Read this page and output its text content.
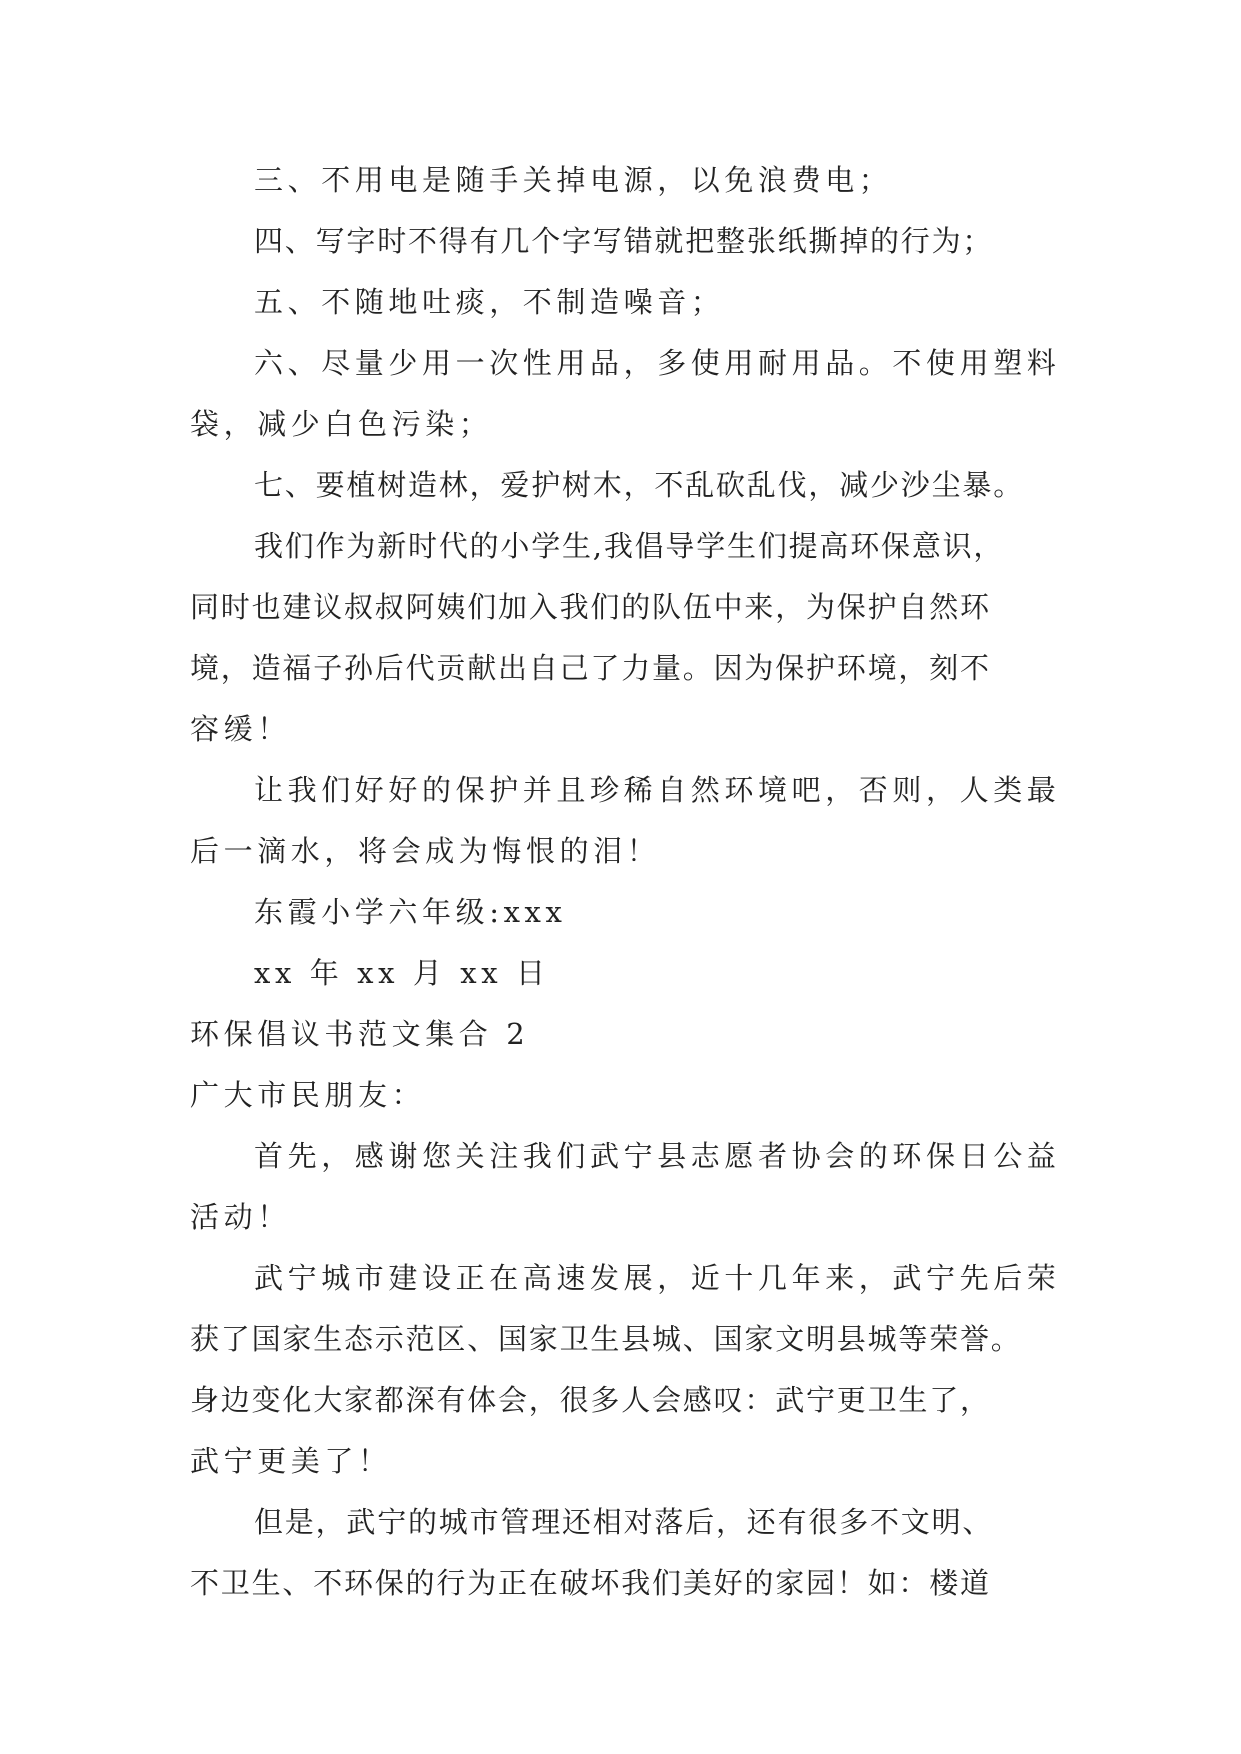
三、不用电是随手关掉电源，以免浪费电；
四、写字时不得有几个字写错就把整张纸撕掉的行为；
五、不随地吐痰，不制造噪音；
六、尽量少用一次性用品，多使用耐用品。不使用塑料
袋，减少白色污染；
七、要植树造林，爱护树木，不乱砍乱伐，减少沙尘暴。
我们作为新时代的小学生,我倡导学生们提高环保意识，
同时也建议叔叔阿姨们加入我们的队伍中来，为保护自然环
境，造福子孙后代贡献出自己了力量。因为保护环境，刻不
容缓！
让我们好好的保护并且珍稀自然环境吧，否则，人类最
后一滴水，将会成为悔恨的泪！
东霞小学六年级:xxx
xx 年 xx 月 xx 日
环保倡议书范文集合 2
广大市民朋友：
首先，感谢您关注我们武宁县志愿者协会的环保日公益
活动！
武宁城市建设正在高速发展，近十几年来，武宁先后荣
获了国家生态示范区、国家卫生县城、国家文明县城等荣誉。
身边变化大家都深有体会，很多人会感叹：武宁更卫生了，
武宁更美了！
但是，武宁的城市管理还相对落后，还有很多不文明、
不卫生、不环保的行为正在破坏我们美好的家园！如：楼道
